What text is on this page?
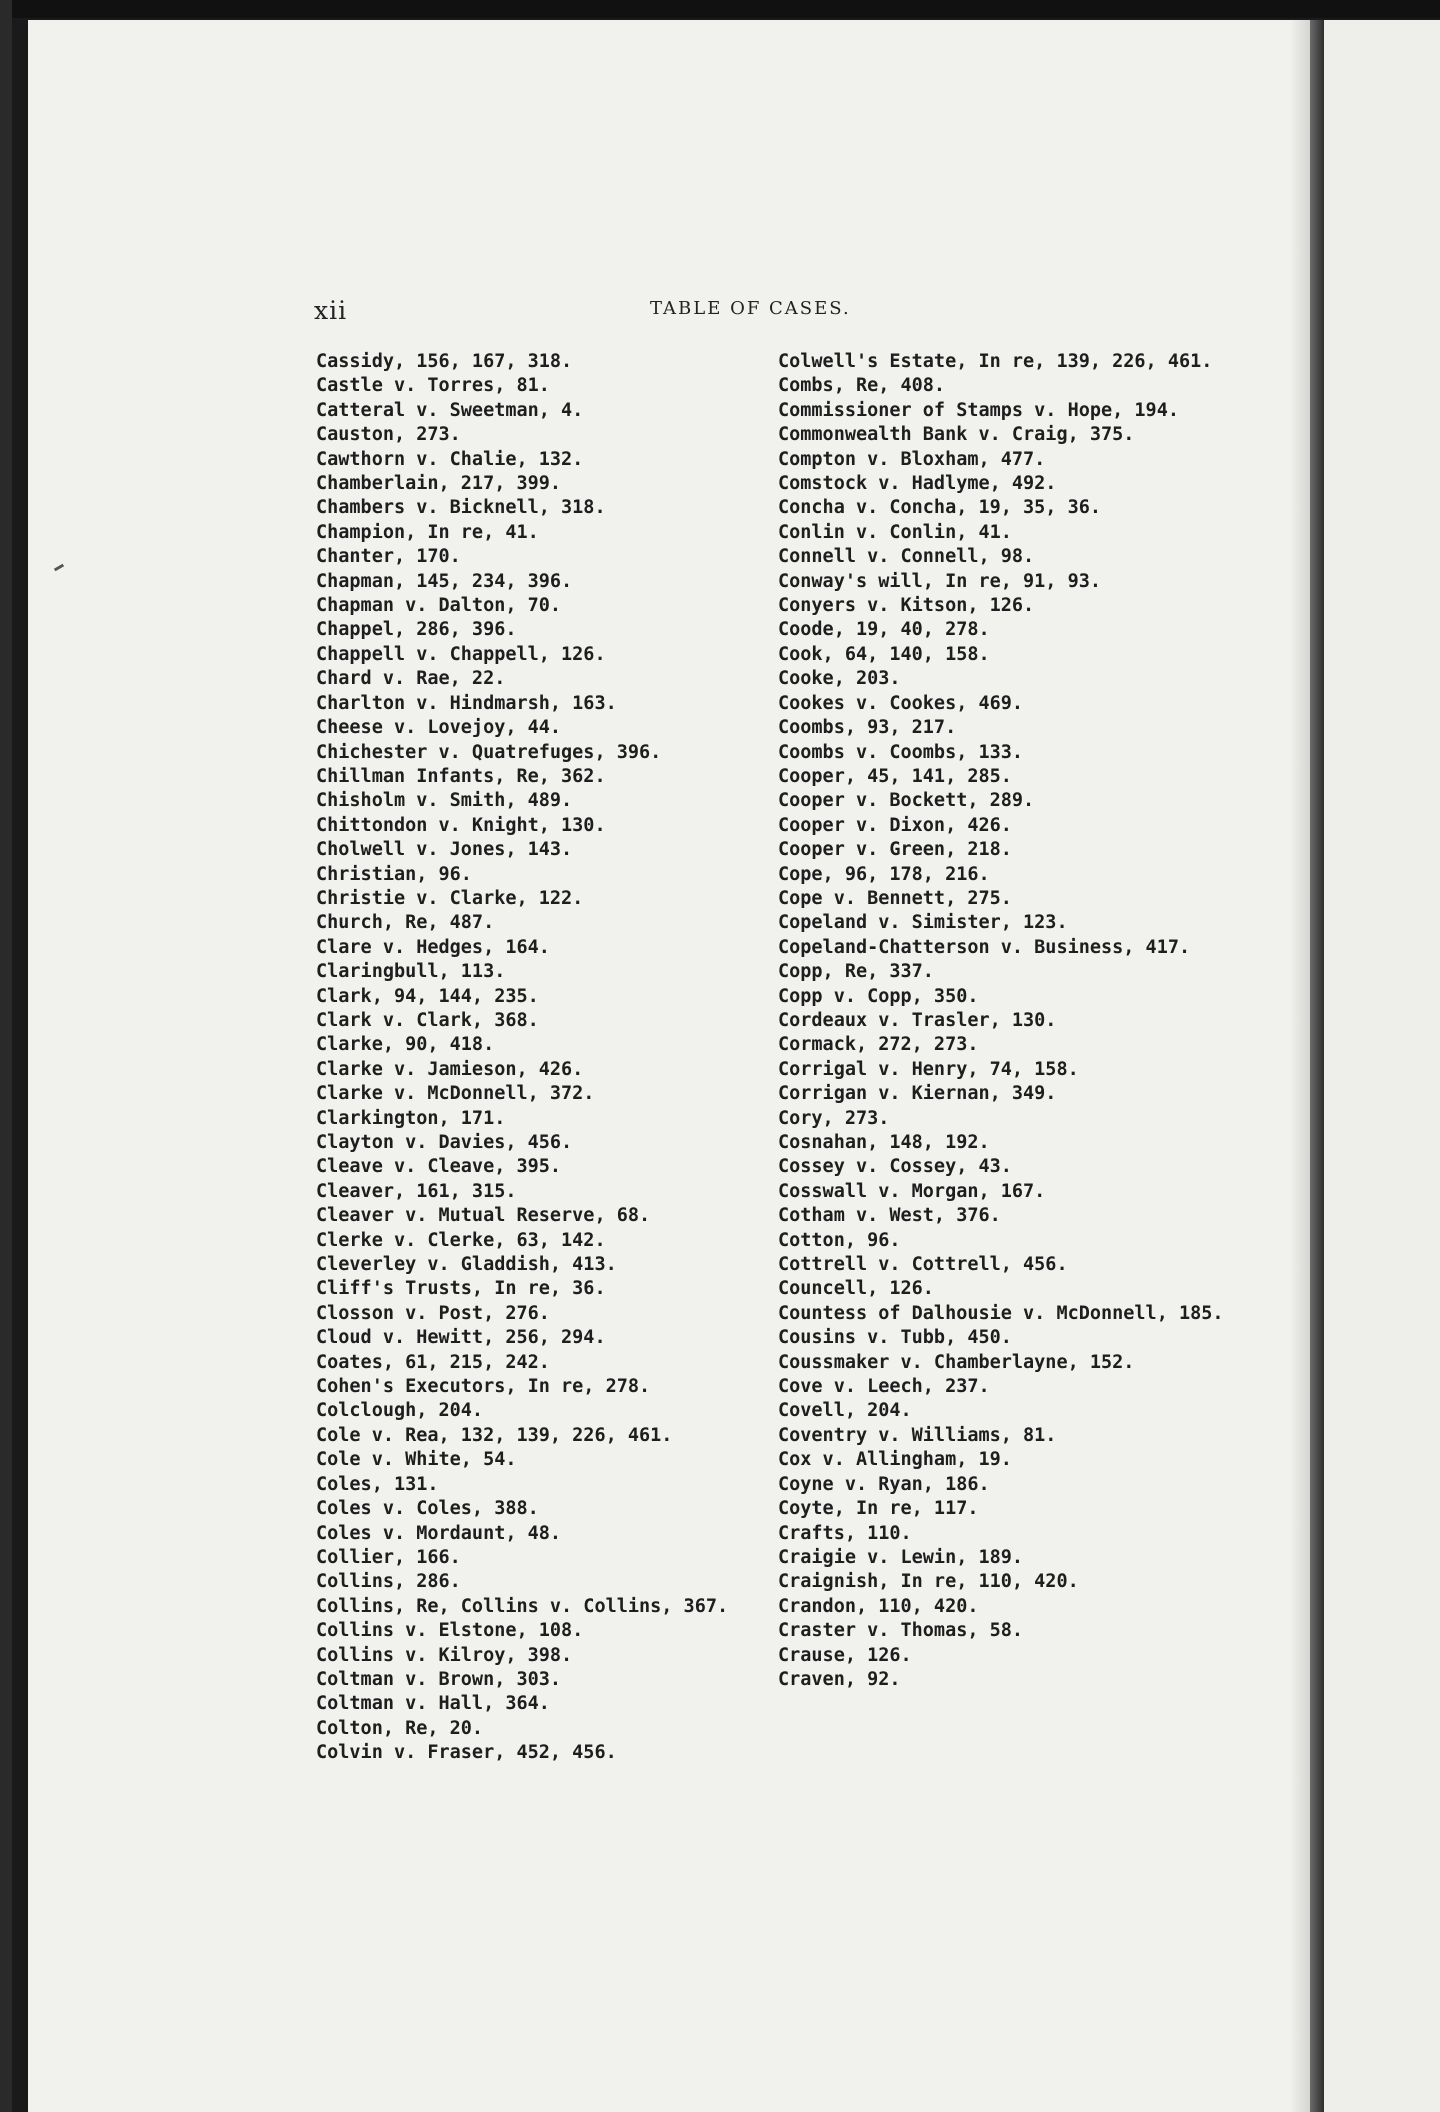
xii	TABLE OF CASES.
Cassidy, 156, 167, 318.
Castle v. Torres, 81.
Catteral v. Sweetman, 4.
Causton, 273.
Cawthorn v. Chalie, 132.
Chamberlain, 217, 399.
Chambers v. Bicknell, 318.
Champion, In re, 41.
Chanter, 170.
Chapman, 145, 234, 396.
Chapman v. Dalton, 70.
Chappel, 286, 396.
Chappell v. Chappell, 126.
Chard v. Rae, 22.
Charlton v. Hindmarsh, 163.
Cheese v. Lovejoy, 44.
Chichester v. Quatrefuges, 396.
Chillman Infants, Re, 362.
Chisholm v. Smith, 489.
Chittondon v. Knight, 130.
Cholwell v. Jones, 143.
Christian, 96.
Christie v. Clarke, 122.
Church, Re, 487.
Clare v. Hedges, 164.
Claringbull, 113.
Clark, 94, 144, 235.
Clark v. Clark, 368.
Clarke, 90, 418.
Clarke v. Jamieson, 426.
Clarke v. McDonnell, 372.
Clarkington, 171.
Clayton v. Davies, 456.
Cleave v. Cleave, 395.
Cleaver, 161, 315.
Cleaver v. Mutual Reserve, 68.
Clerke v. Clerke, 63, 142.
Cleverley v. Gladdish, 413.
Cliff's Trusts, In re, 36.
Closson v. Post, 276.
Cloud v. Hewitt, 256, 294.
Coates, 61, 215, 242.
Cohen's Executors, In re, 278.
Colclough, 204.
Cole v. Rea, 132, 139, 226, 461.
Cole v. White, 54.
Coles, 131.
Coles v. Coles, 388.
Coles v. Mordaunt, 48.
Collier, 166.
Collins, 286.
Collins, Re, Collins v. Collins, 367.
Collins v. Elstone, 108.
Collins v. Kilroy, 398.
Coltman v. Brown, 303.
Coltman v. Hall, 364.
Colton, Re, 20.
Colvin v. Fraser, 452, 456.
Colwell's Estate, In re, 139, 226, 461.
Combs, Re, 408.
Commissioner of Stamps v. Hope, 194.
Commonwealth Bank v. Craig, 375.
Compton v. Bloxham, 477.
Comstock v. Hadlyme, 492.
Concha v. Concha, 19, 35, 36.
Conlin v. Conlin, 41.
Connell v. Connell, 98.
Conway's will, In re, 91, 93.
Conyers v. Kitson, 126.
Coode, 19, 40, 278.
Cook, 64, 140, 158.
Cooke, 203.
Cookes v. Cookes, 469.
Coombs, 93, 217.
Coombs v. Coombs, 133.
Cooper, 45, 141, 285.
Cooper v. Bockett, 289.
Cooper v. Dixon, 426.
Cooper v. Green, 218.
Cope, 96, 178, 216.
Cope v. Bennett, 275.
Copeland v. Simister, 123.
Copeland-Chatterson v. Business, 417.
Copp, Re, 337.
Copp v. Copp, 350.
Cordeaux v. Trasler, 130.
Cormack, 272, 273.
Corrigal v. Henry, 74, 158.
Corrigan v. Kiernan, 349.
Cory, 273.
Cosnahan, 148, 192.
Cossey v. Cossey, 43.
Cosswall v. Morgan, 167.
Cotham v. West, 376.
Cotton, 96.
Cottrell v. Cottrell, 456.
Councell, 126.
Countess of Dalhousie v. McDonnell, 185.
Cousins v. Tubb, 450.
Coussmaker v. Chamberlayne, 152.
Cove v. Leech, 237.
Covell, 204.
Coventry v. Williams, 81.
Cox v. Allingham, 19.
Coyne v. Ryan, 186.
Coyte, In re, 117.
Crafts, 110.
Craigie v. Lewin, 189.
Craignish, In re, 110, 420.
Crandon, 110, 420.
Craster v. Thomas, 58.
Crause, 126.
Craven, 92.
